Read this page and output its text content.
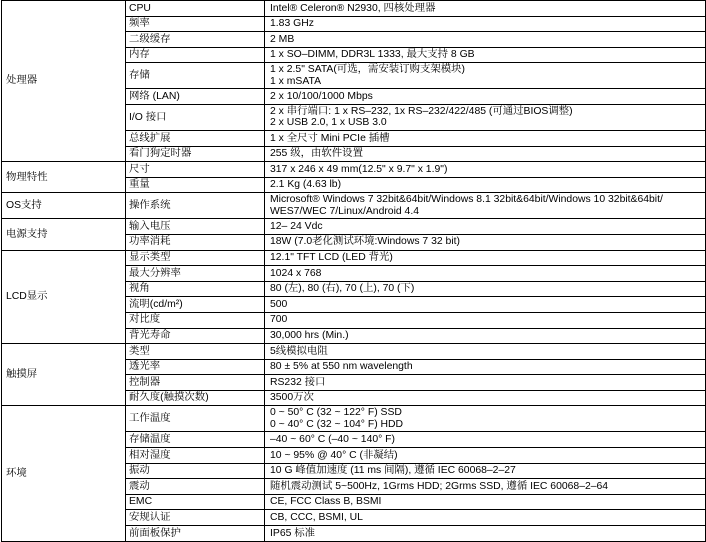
处理器	CPU	Intel® Celeron® N2930, 四核处理器

	频率	1.83 GHz

	二级缓存	2 MB

	内存	1 x SO–DIMM, DDR3L 1333, 最大支持 8 GB

	存储	1 x 2.5" SATA(可选，需安装订购支架模块)
1 x mSATA

	网络 (LAN)	2 x 10/100/1000 Mbps

	I/O 接口	2 x 串行端口: 1 x RS–232, 1x RS–232/422/485 (可通过BIOS调整)
2 x USB 2.0, 1 x USB 3.0

	总线扩展	1 x 全尺寸 Mini PCIe 插槽

	看门狗定时器	255 级，由软件设置

物理特性	尺寸	317 x 246 x 49 mm(12.5" x 9.7" x 1.9")

	重量	2.1 Kg (4.63 lb)

OS支持	操作系统	Microsoft® Windows 7 32bit&64bit/Windows 8.1 32bit&64bit/Windows 10 32bit&64bit/
WES7/WEC 7/Linux/Android 4.4

电源支持	输入电压	12– 24 Vdc

	功率消耗	18W (7.0老化测试环境:Windows 7 32 bit)

LCD显示	显示类型	12.1" TFT LCD (LED 背光)

	最大分辨率	1024 x 768

	视角	80 (左), 80 (右), 70 (上), 70 (下)

	流明(cd/m²)	500

	对比度	700

	背光寿命	30,000 hrs (Min.)

触摸屏	类型	5线模拟电阻

	透光率	80 ± 5% at 550 nm wavelength

	控制器	RS232 接口

	耐久度(触摸次数)	3500万次

环境	工作温度	0 ~ 50° C (32 ~ 122° F) SSD
0 ~ 40° C (32 ~ 104° F) HDD

	存储温度	–40 ~ 60° C (–40 ~ 140° F)

	相对湿度	10 ~ 95% @ 40° C (非凝结)

	振动	10 G 峰值加速度 (11 ms 间隔), 遵循 IEC 60068–2–27

	震动	随机震动测试 5~500Hz, 1Grms HDD; 2Grms SSD, 遵循 IEC 60068–2–64

	EMC	CE, FCC Class B, BSMI

	安规认证	CB, CCC, BSMI, UL

	前面板保护	IP65 标准
